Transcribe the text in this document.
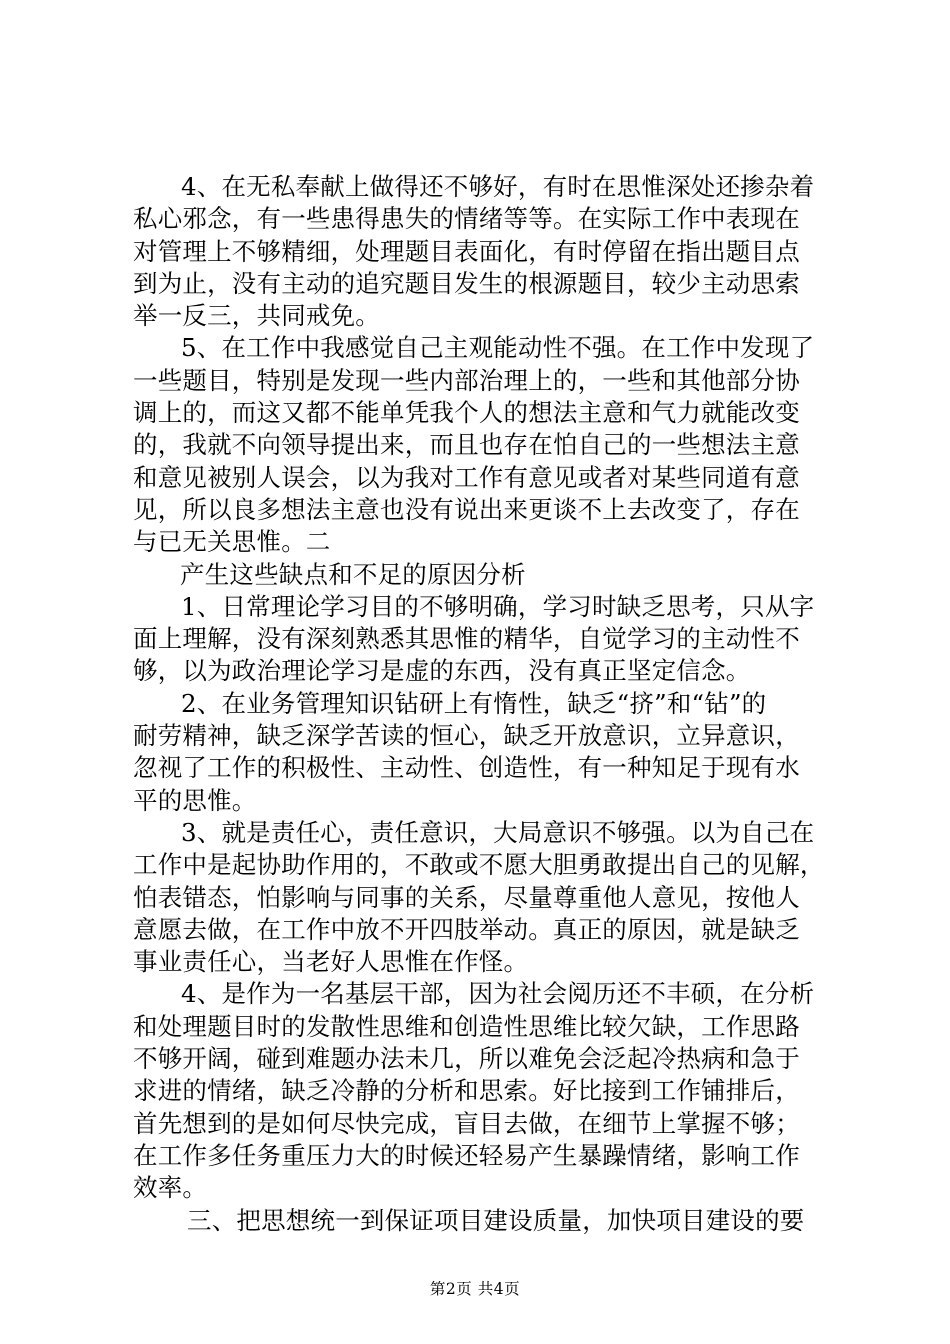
4、在无私奉献上做得还不够好，有时在思惟深处还掺杂着
私心邪念，有一些患得患失的情绪等等。在实际工作中表现在
对管理上不够精细，处理题目表面化，有时停留在指出题目点
到为止，没有主动的追究题目发生的根源题目，较少主动思索
举一反三，共同戒免。
5、在工作中我感觉自己主观能动性不强。在工作中发现了
一些题目，特别是发现一些内部治理上的，一些和其他部分协
调上的，而这又都不能单凭我个人的想法主意和气力就能改变
的，我就不向领导提出来，而且也存在怕自己的一些想法主意
和意见被别人误会，以为我对工作有意见或者对某些同道有意
见，所以良多想法主意也没有说出来更谈不上去改变了，存在
与已无关思惟。二
产生这些缺点和不足的原因分析
1、日常理论学习目的不够明确，学习时缺乏思考，只从字
面上理解，没有深刻熟悉其思惟的精华，自觉学习的主动性不
够，以为政治理论学习是虚的东西，没有真正坚定信念。
2、在业务管理知识钻研上有惰性，缺乏“挤”和“钻”的
耐劳精神，缺乏深学苦读的恒心，缺乏开放意识，立异意识，
忽视了工作的积极性、主动性、创造性，有一种知足于现有水
平的思惟。
3、就是责任心，责任意识，大局意识不够强。以为自己在
工作中是起协助作用的，不敢或不愿大胆勇敢提出自己的见解，
怕表错态，怕影响与同事的关系，尽量尊重他人意见，按他人
意愿去做，在工作中放不开四肢举动。真正的原因，就是缺乏
事业责任心，当老好人思惟在作怪。
4、是作为一名基层干部，因为社会阅历还不丰硕，在分析
和处理题目时的发散性思维和创造性思维比较欠缺，工作思路
不够开阔，碰到难题办法未几，所以难免会泛起冷热病和急于
求进的情绪，缺乏冷静的分析和思索。好比接到工作铺排后，
首先想到的是如何尽快完成，盲目去做，在细节上掌握不够；
在工作多任务重压力大的时候还轻易产生暴躁情绪，影响工作
效率。
三、把思想统一到保证项目建设质量，加快项目建设的要
第2页 共4页
